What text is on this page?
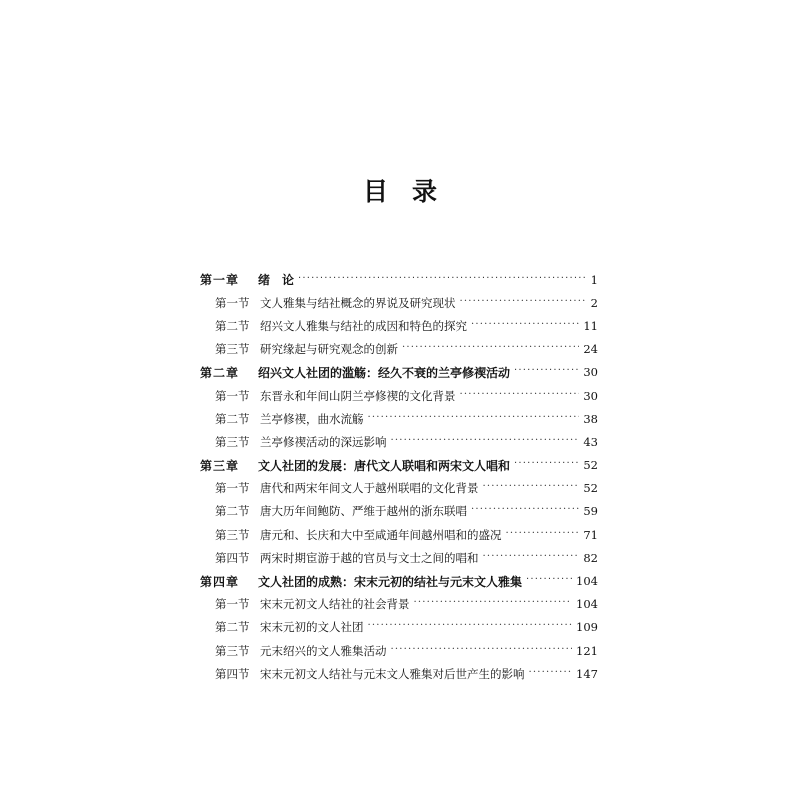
目 录
第一章	绪　论 .....	1
第一节 文人雅集与结社概念的界说及研究现状 .....	2
第二节 绍兴文人雅集与结社的成因和特色的探究 .....	11
第三节 研究缘起与研究观念的创新 .....	24
第二章	绍兴文人社团的滥觞：经久不衰的兰亭修禊活动 .....	30
第一节 东晋永和年间山阴兰亭修禊的文化背景 .....	30
第二节 兰亭修禊，曲水流觞 .....	38
第三节 兰亭修禊活动的深远影响 .....	43
第三章	文人社团的发展：唐代文人联唱和两宋文人唱和 .....	52
第一节 唐代和两宋年间文人于越州联唱的文化背景 .....	52
第二节 唐大历年间鲍防、严维于越州的浙东联唱 .....	59
第三节 唐元和、长庆和大中至咸通年间越州唱和的盛况 .....	71
第四节 两宋时期宦游于越的官员与文士之间的唱和 .....	82
第四章	文人社团的成熟：宋末元初的结社与元末文人雅集 .....	104
第一节 宋末元初文人结社的社会背景 .....	104
第二节 宋末元初的文人社团 .....	109
第三节 元末绍兴的文人雅集活动 .....	121
第四节 宋末元初文人结社与元末文人雅集对后世产生的影响 .....	147
